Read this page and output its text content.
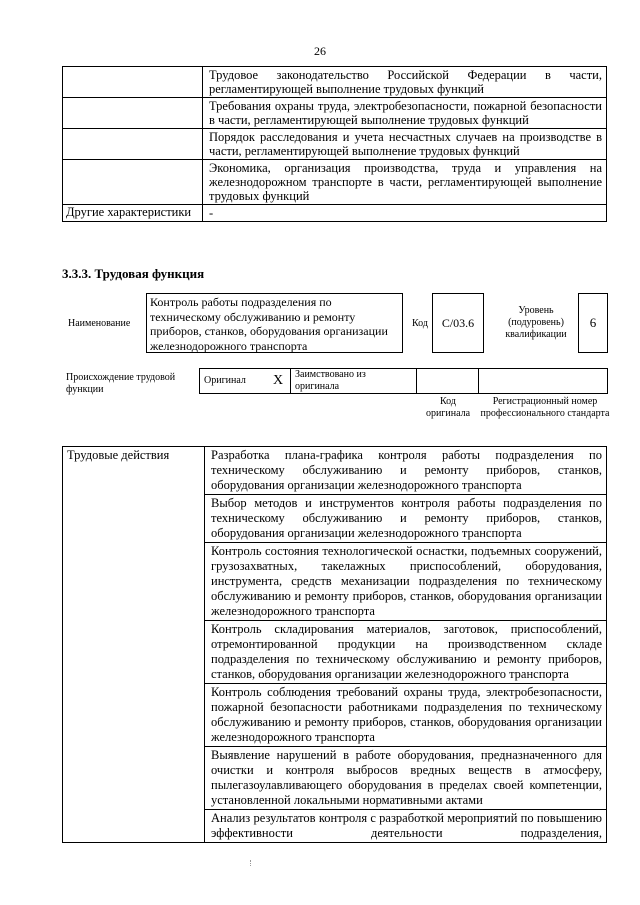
26
	Трудовое законодательство Российской Федерации в части, регламентирующей выполнение трудовых функций
	Требования охраны труда, электробезопасности, пожарной безопасности в части, регламентирующей выполнение трудовых функций
	Порядок расследования и учета несчастных случаев на производстве в части, регламентирующей выполнение трудовых функций
	Экономика, организация производства, труда и управления на железнодорожном транспорте в части, регламентирующей выполнение трудовых функций
Другие характеристики	-
3.3.3. Трудовая функция
Наименование
Контроль работы подразделения по техническому обслуживанию и ремонту приборов, станков, оборудования организации железнодорожного транспорта
Код	С/03.6
Уровень (подуровень) квалификации
6
Происхождение трудовой функции
Оригинал	X	Заимствовано из оригинала		
Код оригинала
Регистрационный номер профессионального стандарта
Трудовые действия	Разработка плана-графика контроля работы подразделения по техническому обслуживанию и ремонту приборов, станков, оборудования организации железнодорожного транспорта
Выбор методов и инструментов контроля работы подразделения по техническому обслуживанию и ремонту приборов, станков, оборудования организации железнодорожного транспорта
Контроль состояния технологической оснастки, подъемных сооружений, грузозахватных, такелажных приспособлений, оборудования, инструмента, средств механизации подразделения по техническому обслуживанию и ремонту приборов, станков, оборудования организации железнодорожного транспорта
Контроль складирования материалов, заготовок, приспособлений, отремонтированной продукции на производственном складе подразделения по техническому обслуживанию и ремонту приборов, станков, оборудования организации железнодорожного транспорта
Контроль соблюдения требований охраны труда, электробезопасности, пожарной безопасности работниками подразделения по техническому обслуживанию и ремонту приборов, станков, оборудования организации железнодорожного транспорта
Выявление нарушений в работе оборудования, предназначенного для очистки и контроля выбросов вредных веществ в атмосферу, пылегазоулавливающего оборудования в пределах своей компетенции, установленной локальными нормативными актами
Анализ результатов контроля с разработкой мероприятий по повышению эффективности деятельности подразделения,
